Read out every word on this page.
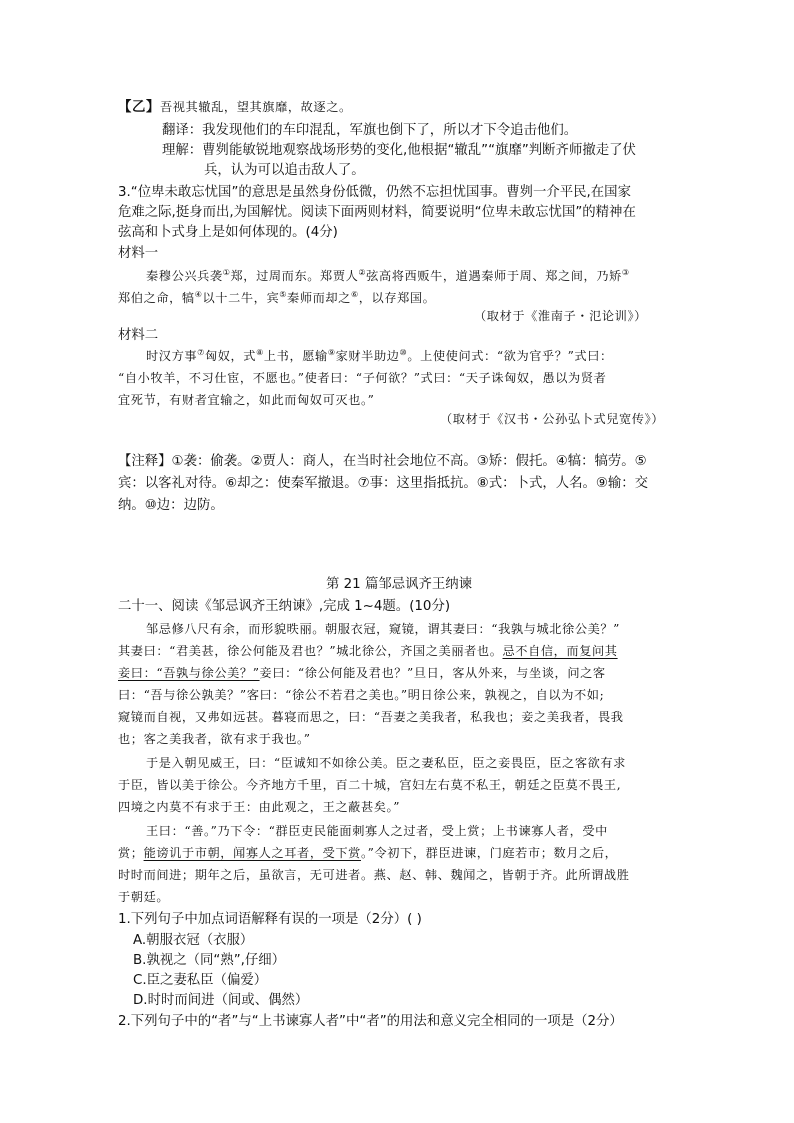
【乙】吾视其辙乱，望其旗靡，故逐之。
翻译：我发现他们的车印混乱，军旗也倒下了，所以才下令追击他们。
理解：曹刿能敏锐地观察战场形势的变化,他根据“辙乱”“旗靡”判断齐师撤走了伏
兵，认为可以追击敌人了。
3.“位卑未敢忘忧国”的意思是虽然身份低微，仍然不忘担忧国事。曹刿一介平民,在国家
危难之际,挺身而出,为国解忧。阅读下面两则材料，简要说明“位卑未敢忘忧国”的精神在
弦高和卜式身上是如何体现的。(4分)
材料一
秦穆公兴兵袭①郑，过周而东。郑贾人②弦高将西贩牛，道遇秦师于周、郑之间，乃矫③
郑伯之命，犒④以十二牛，宾⑤秦师而却之⑥，以存郑国。
（取材于《淮南子・氾论训》）
材料二
时汉方事⑦匈奴，式⑧上书，愿输⑨家财半助边⑩。上使使问式：“欲为官乎？”式曰：
“自小牧羊，不习仕宦，不愿也。”使者曰：“子何欲？”式曰：“天子诛匈奴，愚以为贤者
宜死节，有财者宜输之，如此而匈奴可灭也。”
（取材于《汉书・公孙弘卜式兒宽传》）
【注释】①袭：偷袭。②贾人：商人，在当时社会地位不高。③矫：假托。④犒：犒劳。⑤
宾：以客礼对待。⑥却之：使秦军撤退。⑦事：这里指抵抗。⑧式：卜式，人名。⑨输：交
纳。⑩边：边防。
第 21 篇邹忌讽齐王纳谏
二十一、阅读《邹忌讽齐王纳谏》,完成 1~4题。(10分)
邹忌修八尺有余，而形貌昳丽。朝服衣冠，窥镜，谓其妻曰：“我孰与城北徐公美？”
其妻曰：“君美甚，徐公何能及君也？”城北徐公，齐国之美丽者也。忌不自信，而复问其
妾曰：“吾孰与徐公美？”妾曰：“徐公何能及君也？”旦日，客从外来，与坐谈，问之客
曰：“吾与徐公孰美？”客曰：“徐公不若君之美也。”明日徐公来，孰视之，自以为不如;
窥镜而自视，又弗如远甚。暮寝而思之，曰：“吾妻之美我者，私我也；妾之美我者，畏我
也；客之美我者，欲有求于我也。”
于是入朝见威王，曰：“臣诚知不如徐公美。臣之妻私臣，臣之妾畏臣，臣之客欲有求
于臣，皆以美于徐公。今齐地方千里，百二十城，宫妇左右莫不私王，朝廷之臣莫不畏王,
四境之内莫不有求于王：由此观之，王之蔽甚矣。”
王曰：“善。”乃下令：“群臣吏民能面刺寡人之过者，受上赏；上书谏寡人者，受中
赏；能谤讥于市朝，闻寡人之耳者，受下赏。”令初下，群臣进谏，门庭若市；数月之后，
时时而间进；期年之后，虽欲言，无可进者。燕、赵、韩、魏闻之，皆朝于齐。此所谓战胜
于朝廷。
1.下列句子中加点词语解释有误的一项是（2分）( )
A.朝服衣冠（衣服）
B.孰视之（同“熟”,仔细）
C.臣之妻私臣（偏爱）
D.时时而间进（间或、偶然）
2.下列句子中的“者”与“上书谏寡人者”中“者”的用法和意义完全相同的一项是（2分）
